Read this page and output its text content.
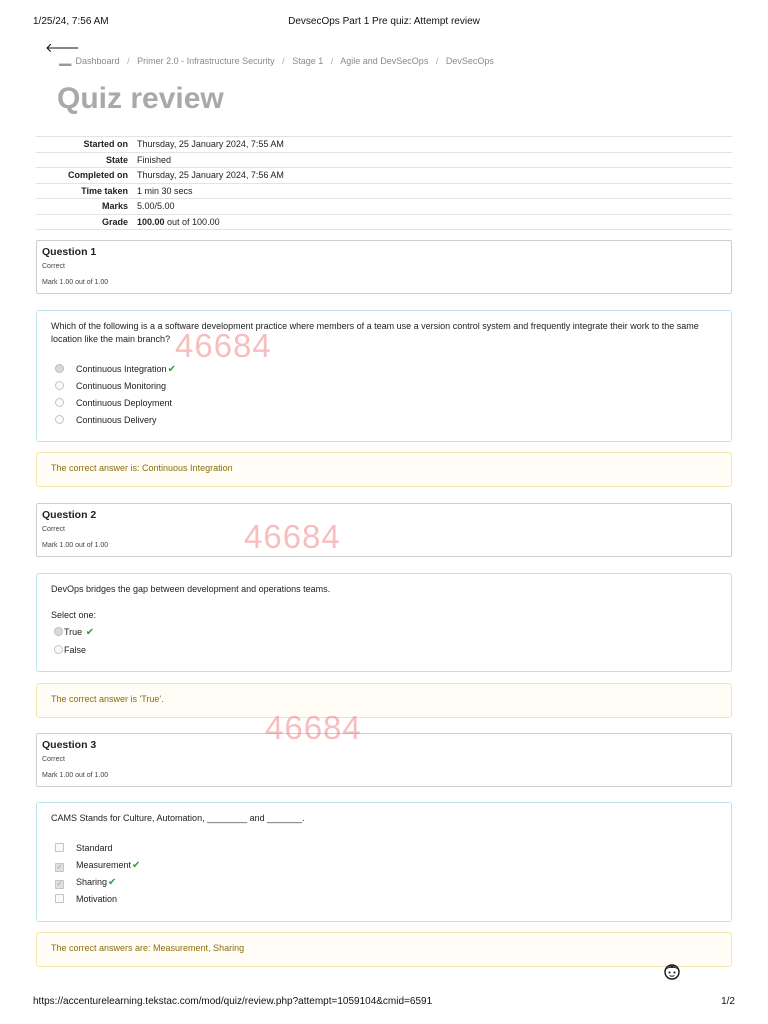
1/25/24, 7:56 AM	DevsecOps Part 1 Pre quiz: Attempt review
🡐
▂▂ Dashboard / Primer 2.0 - Infrastructure Security / Stage 1 / Agile and DevSecOps / DevSecOps
Quiz review
Started on	Thursday, 25 January 2024, 7:55 AM
State	Finished
Completed on	Thursday, 25 January 2024, 7:56 AM
Time taken	1 min 30 secs
Marks	5.00/5.00
Grade	100.00 out of 100.00
Question 1
Correct
Mark 1.00 out of 1.00
Which of the following is a a software development practice where members of a team use a version control system and frequently integrate their work to the same location like the main branch?
Continuous Integration✔
Continuous Monitoring
Continuous Deployment
Continuous Delivery
The correct answer is: Continuous Integration
Question 2
Correct
Mark 1.00 out of 1.00
DevOps bridges the gap between development and operations teams.
Select one:
True ✔
False
The correct answer is 'True'.
Question 3
Correct
Mark 1.00 out of 1.00
CAMS Stands for Culture, Automation, ________ and _______.
Standard
✓ Measurement✔
✓ Sharing✔
Motivation
The correct answers are: Measurement, Sharing
46684
46684
46684
https://accenturelearning.tekstac.com/mod/quiz/review.php?attempt=1059104&cmid=6591	1/2
